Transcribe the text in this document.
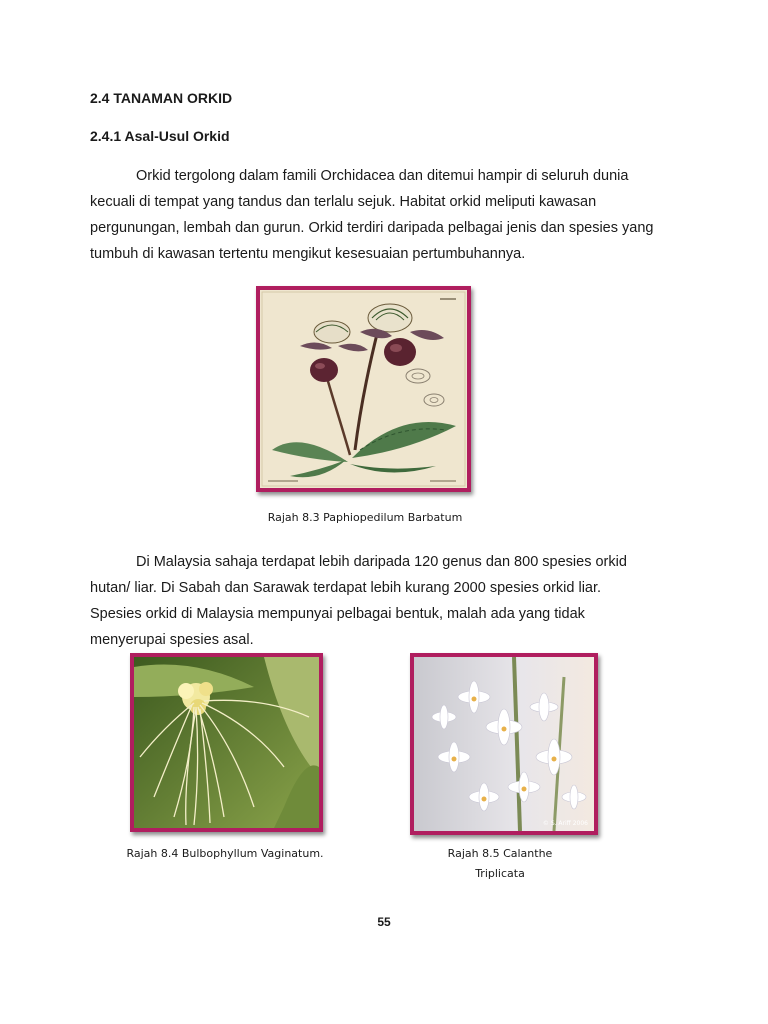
2.4 TANAMAN ORKID
2.4.1 Asal-Usul Orkid

Orkid tergolong dalam famili Orchidacea dan ditemui hampir di seluruh dunia
kecuali di tempat yang tandus dan terlalu sejuk. Habitat orkid meliputi kawasan
pergunungan, lembah dan gurun. Orkid terdiri daripada pelbagai jenis dan spesies yang
tumbuh di kawasan tertentu mengikut kesesuaian pertumbuhannya.

Rajah 8.3 Paphiopedilum Barbatum

Di Malaysia sahaja terdapat lebih daripada 120 genus dan 800 spesies orkid
hutan/ liar. Di Sabah dan Sarawak terdapat lebih kurang 2000 spesies orkid liar.
Spesies orkid di Malaysia mempunyai pelbagai bentuk, malah ada yang tidak
menyerupai spesies asal.

Rajah 8.4 Bulbophyllum Vaginatum.
© S. Ariff 2006
Rajah 8.5 Calanthe
Triplicata
55
